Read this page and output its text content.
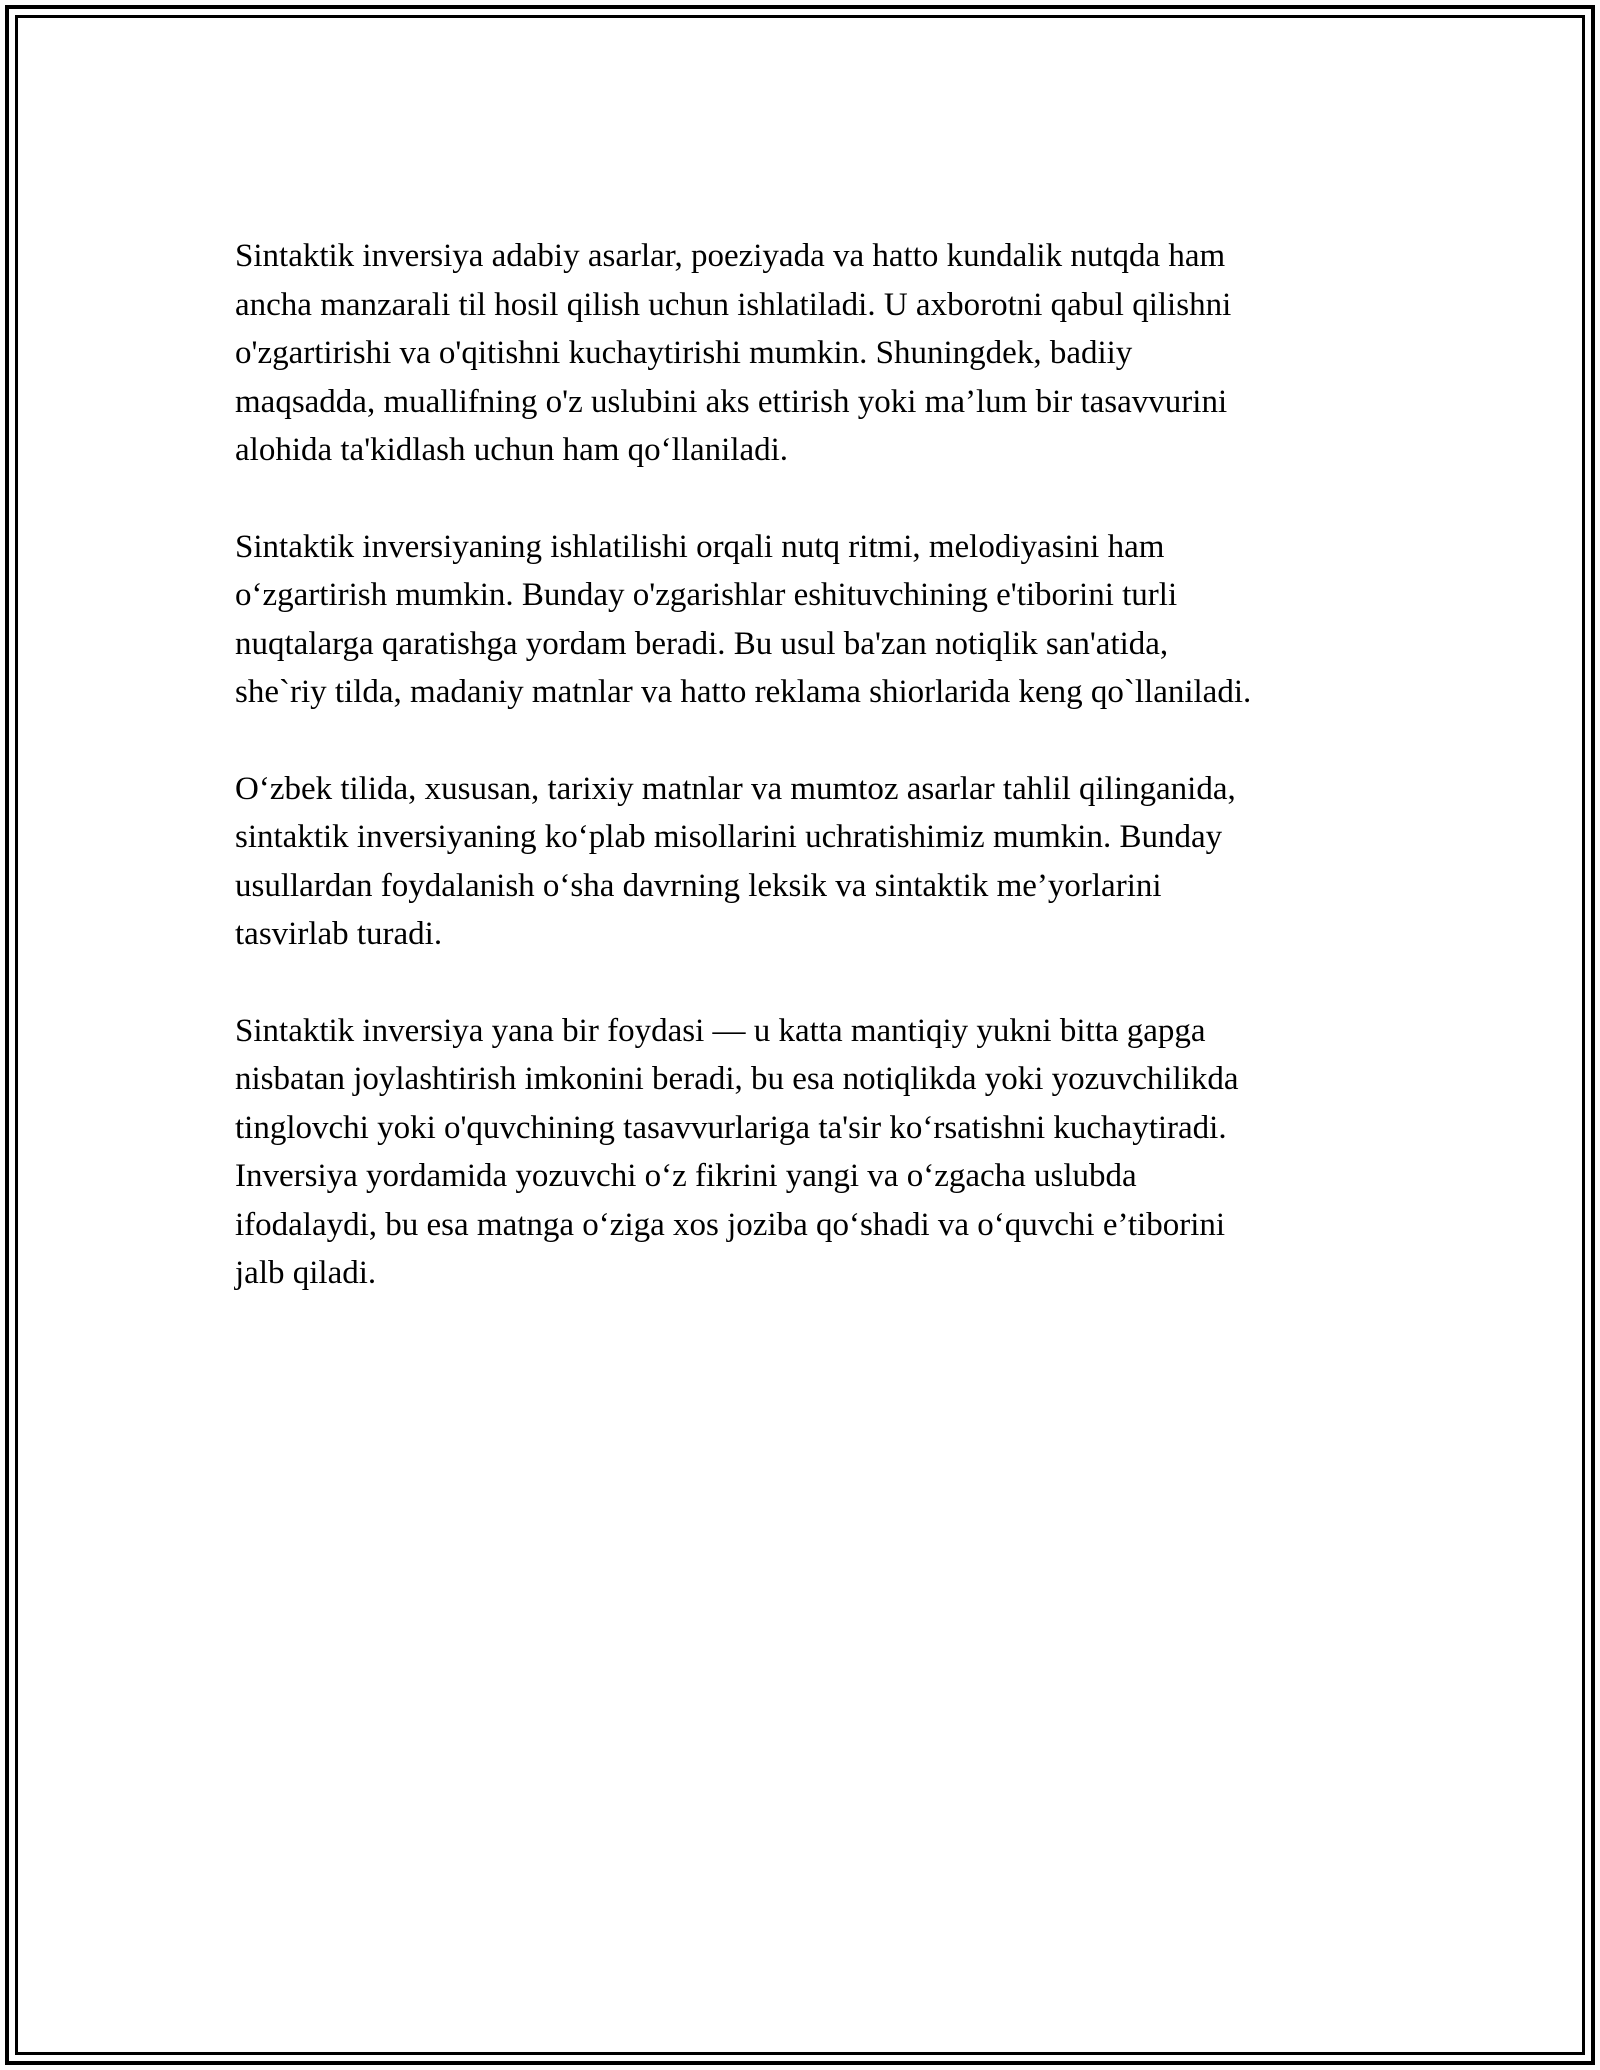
Sintaktik inversiya adabiy asarlar, poeziyada va hatto kundalik nutqda ham
ancha manzarali til hosil qilish uchun ishlatiladi. U axborotni qabul qilishni
o'zgartirishi va o'qitishni kuchaytirishi mumkin. Shuningdek, badiiy
maqsadda, muallifning o'z uslubini aks ettirish yoki ma’lum bir tasavvurini
alohida ta'kidlash uchun ham qo‘llaniladi.

Sintaktik inversiyaning ishlatilishi orqali nutq ritmi, melodiyasini ham
o‘zgartirish mumkin. Bunday o'zgarishlar eshituvchining e'tiborini turli
nuqtalarga qaratishga yordam beradi. Bu usul ba'zan notiqlik san'atida,
she`riy tilda, madaniy matnlar va hatto reklama shiorlarida keng qo`llaniladi.

O‘zbek tilida, xususan, tarixiy matnlar va mumtoz asarlar tahlil qilinganida,
sintaktik inversiyaning ko‘plab misollarini uchratishimiz mumkin. Bunday
usullardan foydalanish o‘sha davrning leksik va sintaktik me’yorlarini
tasvirlab turadi.

Sintaktik inversiya yana bir foydasi — u katta mantiqiy yukni bitta gapga
nisbatan joylashtirish imkonini beradi, bu esa notiqlikda yoki yozuvchilikda
tinglovchi yoki o'quvchining tasavvurlariga ta'sir ko‘rsatishni kuchaytiradi.
Inversiya yordamida yozuvchi o‘z fikrini yangi va o‘zgacha uslubda
ifodalaydi, bu esa matnga o‘ziga xos joziba qo‘shadi va o‘quvchi e’tiborini
jalb qiladi.
